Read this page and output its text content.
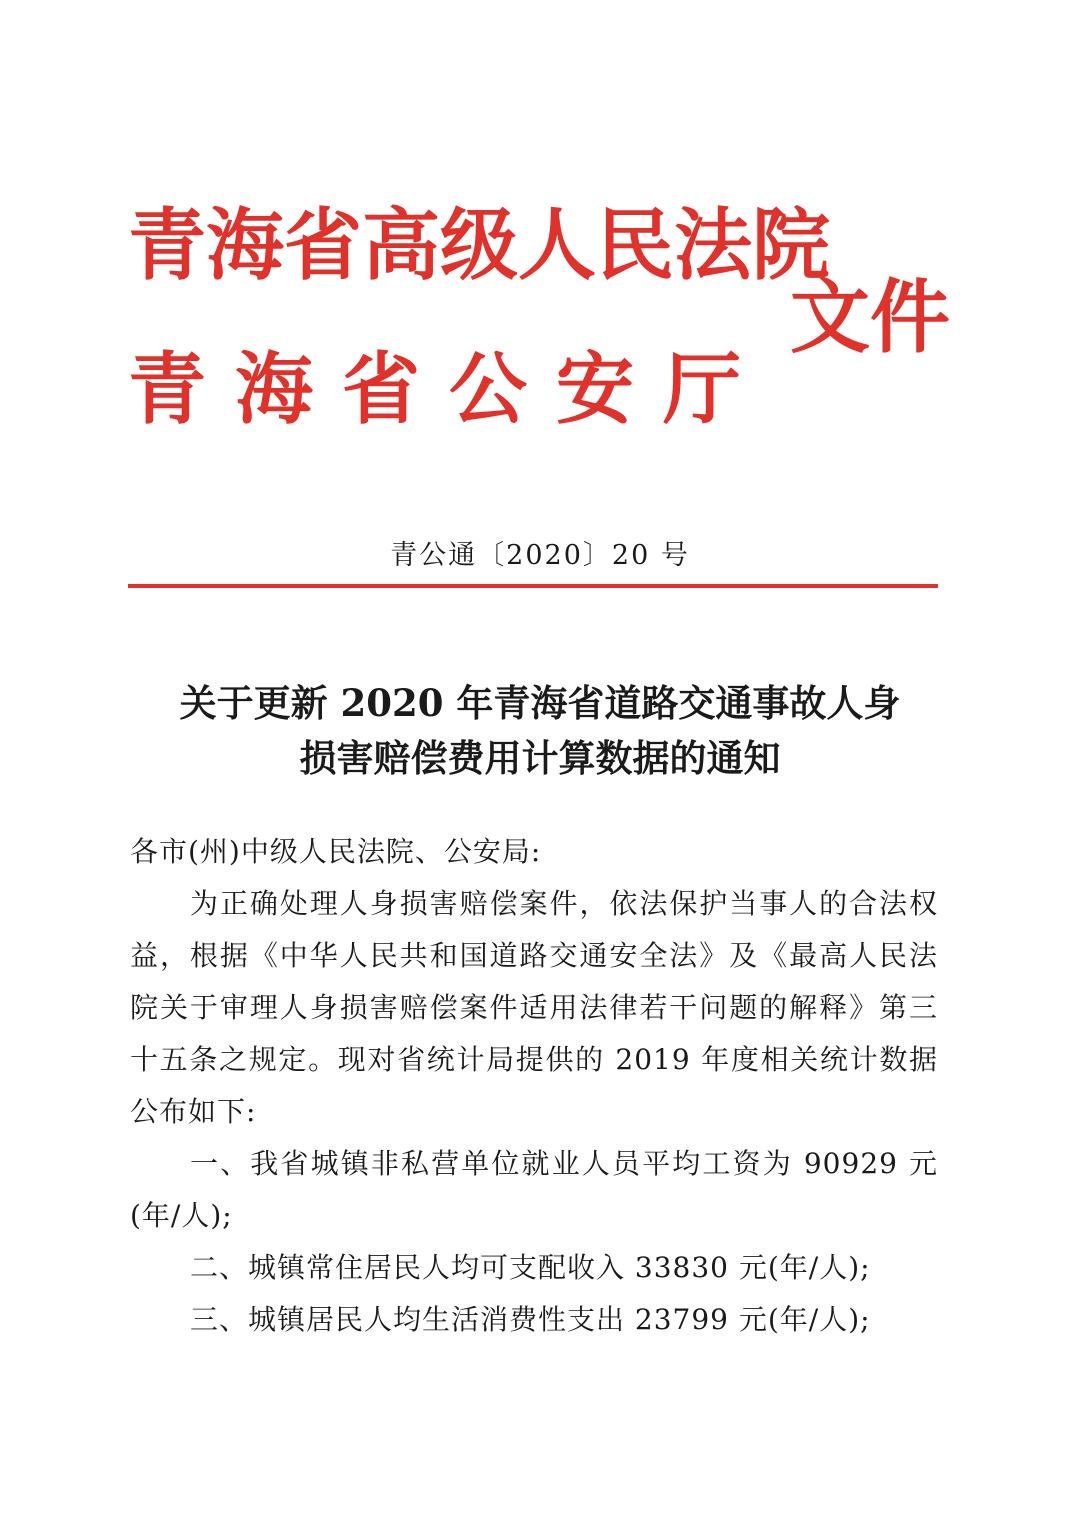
青海省高级人民法院
青海省公安厅
文件
青公通〔2020〕20 号
关于更新 2020 年青海省道路交通事故人身
损害赔偿费用计算数据的通知

各市(州)中级人民法院、公安局:

为正确处理人身损害赔偿案件，依法保护当事人的合法权益，根据《中华人民共和国道路交通安全法》及《最高人民法院关于审理人身损害赔偿案件适用法律若干问题的解释》第三十五条之规定。现对省统计局提供的 2019 年度相关统计数据公布如下:

一、我省城镇非私营单位就业人员平均工资为 90929 元(年/人);

二、城镇常住居民人均可支配收入 33830 元(年/人);

三、城镇居民人均生活消费性支出 23799 元(年/人);
